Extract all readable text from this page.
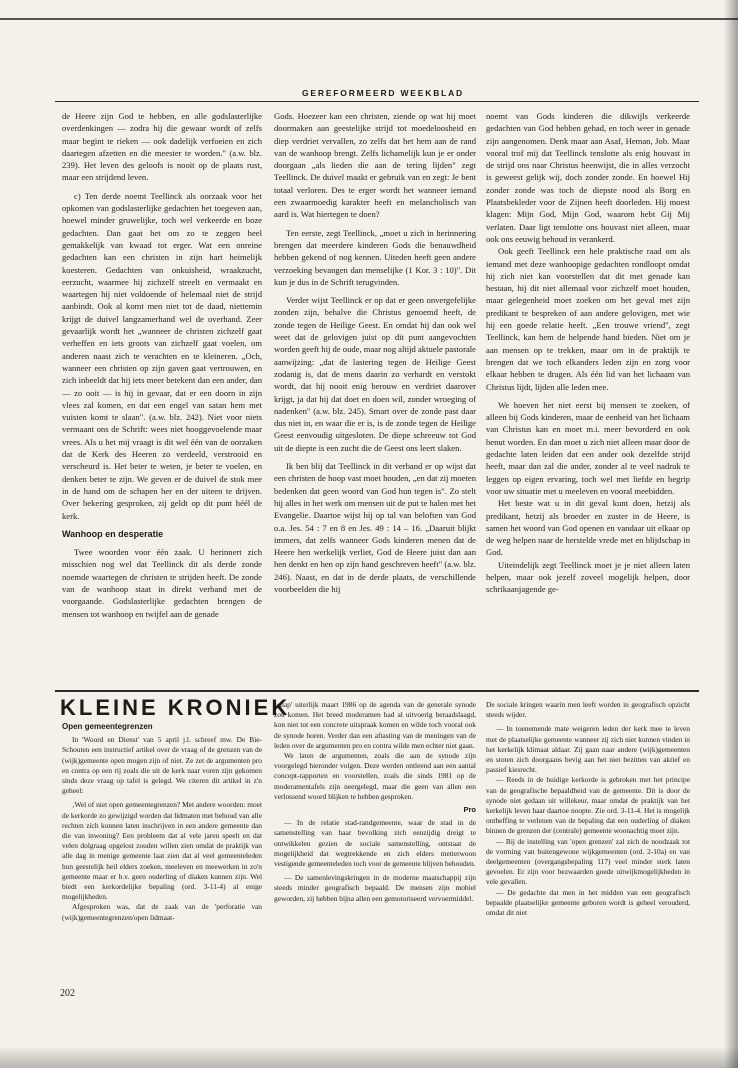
GEREFORMEERD WEEKBLAD

de Heere zijn God te hebben, en alle godslasterlijke overdenkingen — zodra hij die gewaar wordt of zelfs maar begint te rieken — ook dadelijk verfoeien en zich daartegen afzetten en die meester te worden." (a.w. blz. 239). Het leven des geloofs is nooit op de plaats rust, maar een strijdend leven.

c) Ten derde noemt Teellinck als oorzaak voor het opkomen van godslasterlijke gedachten het toegeven aan, hoewel minder gruwelijke, toch wel verkeerde en boze gedachten. Dan gaat het om zo te zeggen heel gemakkelijk van kwaad tot erger. Wat een onreine gedachten kan een christen in zijn hart heimelijk koesteren. Gedachten van onkuisheid, wraakzucht, eerzucht, waarmee hij zichzelf streelt en vermaakt en waartegen hij niet voldoende of helemaal niet de strijd aanbindt. Ook al komt men niet tot de daad, niettemin krijgt de duivel langzamerhand wel de overhand. Zeer gevaarlijk wordt het „wanneer de christen zichzelf gaat verheffen en iets groots van zichzelf gaat voelen, om anderen naast zich te verachten en te kleineren. „Och, wanneer een christen op zijn gaven gaat vertrouwen, en zich inbeeldt dat hij iets meer betekent dan een ander, dan — zo ooit — is hij in gevaar, dat er een doorn in zijn vlees zal komen, en dat een engel van satan hem met vuisten komt te slaan". (a.w. blz. 242). Niet voor niets vermaant ons de Schrift: wees niet hooggevoelende maar vrees. Als u het mij vraagt is dit wel één van de oorzaken dat de Kerk des Heeren zo verdeeld, verstrooid en verscheurd is. Het beter te weten, je beter te voelen, en denken beter te zijn. We geven er de duivel de stok mee in de hand om de schapen her en der uiteen te drijven. Over bekering gesproken, zij geldt op dit punt héél de kerk.

Wanhoop en desperatie

Twee woorden voor één zaak. U herinnert zich misschien nog wel dat Teellinck dit als derde zonde noemde waartegen de christen te strijden heeft. De zonde van de wanhoop staat in direkt verband met de voorgaande. Godslasterlijke gedachten brengen de mensen tot wanhoop en twijfel aan de genade

Gods. Hoezeer kan een christen, ziende op wat hij moet doormaken aan geestelijke strijd tot moedeloosheid en diep verdriet vervallen, zo zelfs dat het hem aan de rand van de wanhoop brengt. Zelfs lichamelijk kun je er onder doorgaan „als lieden die aan de tering lijden" zegt Teellinck. De duivel maakt er gebruik van en zegt: Je bent totaal verloren. Des te erger wordt het wanneer iemand een zwaarmoedig karakter heeft en melancholisch van aard is. Wat hiertegen te doen?

Ten eerste, zegt Teellinck, „moet u zich in herinnering brengen dat meerdere kinderen Gods die benauwdheid hebben gekend of nog kennen. Uiteden heeft geen andere verzoeking bevangen dan menselijke (1 Kor. 3 : 10)". Dit kun je dus in de Schrift terugvinden.

Verder wijst Teellinck er op dat er geen onvergefelijke zonden zijn, behalve die Christus genoemd heeft, de zonde tegen de Heilige Geest. En omdat hij dan ook wel weet dat de gelovigen juist op dit punt aangevochten worden geeft hij de oude, maar nog altijd aktuele pastorale aanwijzing: „dat de lastering tegen de Heilige Geest zodanig is, dat de mens daarin zo verhardt en verstokt wordt, dat hij nooit enig berouw en verdriet daarover krijgt, ja dat hij dat doet en doen wil, zonder wroeging of nadenken" (a.w. blz. 245). Smart over de zonde past daar dus niet in, en waar die er is, is de zonde tegen de Heilige Geest eenvoudig uitgesloten. De diepe schreeuw tot God uit de diepte is een zucht die de Geest ons leert slaken.

Ik ben blij dat Teellinck in dit verband er op wijst dat een christen de hoop vast moet houden, „en dat zij moeten bedenken dat geen woord van God hun tegen is". Zo stelt hij alles in het werk om mensen uit de put te halen met het Evangelie. Daartoe wijst hij op tal van beloften van God o.a. Jes. 54 : 7 en 8 en Jes. 49 : 14 – 16. „Daaruit blijkt immers, dat zelfs wanneer Gods kinderen menen dat de Heere hen werkelijk verliet, God de Heere juist dan aan hen denkt en hen op zijn hand geschreven heeft" (a.w. blz. 246). Naast, en dat in de derde plaats, de verschillende voorbeelden die hij

noemt van Gods kinderen die dikwijls verkeerde gedachten van God hebben gehad, en toch weer in genade zijn aangenomen. Denk maar aan Asaf, Heman, Job. Maar vooral trof mij dat Teellinck tenslotte als enig houvast in de strijd ons naar Christus heenwijst, die in alles verzocht is geweest gelijk wij, doch zonder zonde. En hoewel Hij zonder zonde was toch de diepste nood als Borg en Plaatsbekleder voor de Zijnen heeft doorleden. Hij moest klagen: Mijn God, Mijn God, waarom hebt Gij Mij verlaten. Daar ligt tenslotte ons houvast niet alleen, maar ook ons eeuwig behoud in verankerd.

Ook geeft Teellinck een hele praktische raad om als iemand met deze wanhoopige gedachten rondloopt omdat hij zich niet kan voorstellen dat dit met genade kan bestaan, hij dit niet allemaal voor zichzelf moet houden, maar gelegenheid moet zoeken om het geval met zijn predikant te bespreken of aan andere gelovigen, met wie hij een goede relatie heeft. „Een trouwe vriend", zegt Teellinck, kan hem de helpende hand bieden. Niet om je aan mensen op te trekken, maar om in de praktijk te brengen dat we toch elkanders leden zijn en zorg voor elkaar hebben te dragen. Als één lid van het lichaam van Christus lijdt, lijden alle leden mee.

We hoeven het niet eerst bij mensen te zoeken, of alleen bij Gods kinderen, maar de eenheid van het lichaam van Christus kan en moet m.i. meer bevorderd en ook benut worden. En dan moet u zich niet alleen maar door de gedachte laten leiden dat een ander ook dezelfde strijd heeft, maar dan zal die ander, zonder al te veel nadruk te leggen op eigen ervaring, toch wel met liefde en begrip voor uw situatie met u meeleven en vooral meebidden.

Het beste wat u in dit geval kunt doen, hetzij als predikant, hetzij als broeder en zuster in de Heere, is samen het woord van God openen en vandaar uit elkaar op de weg helpen naar de herstelde vrede met en blijdschap in God.

Uiteindelijk zegt Teellinck moet je je niet alleen laten helpen, maar ook jezelf zoveel mogelijk helpen, door schrikaanjagende ge-

KLEINE KRONIEK
Open gemeentegrenzen

In 'Woord en Dienst' van 5 april j.l. schreef mw. De Bie-Schouten een instructief artikel over de vraag of de grenzen van de (wijk)gemeente open mogen zijn of niet. Ze zet de argumenten pro en contra op een rij zoals die uit de kerk naar voren zijn gekomen sinds deze vraag op tafel is gelegd. We citeren dit artikel in z'n geheel:

‚Wel of niet open gemeentegrenzen? Met andere woorden: moet de kerkorde zo gewijzigd worden dat lidmaten met behoud van alle rechten zich kunnen laten inschrijven in een andere gemeente dan die van inwoning? Een probleem dat al vele jaren speelt en dat velen dolgraag opgelost zouden willen zien omdat de praktijk van alle dag in menige gemeente laat zien dat al veel gemeenteleden hun geestelijk heil elders zoeken, meeleven en meewerken in zo'n gemeente maar er b.v. geen ouderling of diaken kunnen zijn. Wel biedt een kerkordelijke bepaling (ord. 3-11-4) al enige mogelijkheden.

Afgesproken was, dat de zaak van de 'perforatie van (wijk)gemeentegrenzen/open lidmaat-

schap' uiterlijk maart 1986 op de agenda van de generale synode zou komen. Het breed moderamen had al uitvoerig beraadslaagd, kon niet tot een concrete uitspraak komen en wilde toch vooral ook de synode horen. Verder dan een aftasting van de meningen van de leden over de argumenten pro en contra wilde men echter niet gaan.

We laten de argumenten, zoals die aan de synode zijn voorgelegd hieronder volgen. Deze werden ontleend aan een aantal concept-rapporten en voorstellen, zoals die sinds 1981 op de moderamentafels zijn neergelegd, maar die geen van allen een verlossend woord blijken te hebben gesproken.

Pro

— In de relatie stad-randgemeente, waar de stad in de samenstelling van haar bevolking zich eenzijdig dreigt te ontwikkelen gezien de sociale samenstelling, ontstaat de mogelijkheid dat wegtrekkende en zich elders metterwoon vestigende gemeenteleden toch voor de gemeente blijven behouden.

— De samenlevingskringen in de moderne maatschappij zijn steeds minder geografisch bepaald. De mensen zijn mobiel geworden, zij hebben bijna allen een gemotoriseerd vervoermiddel.

De sociale kringen waarin men leeft worden in geografisch opzicht steeds wijder.

— In toenemende mate weigeren leden der kerk mee te leven met de plaatselijke gemeente wanneer zij zich niet kunnen vinden in het kerkelijk klimaat aldaar. Zij gaan naar andere (wijk)gemeenten en stoten zich doorgaans bevig aan het niet bezitten van aktief en passief kiesrecht.

— Reeds in de huidige kerkorde is gebroken met het principe van de geografische bepaaldheid van de gemeente. Dit is door de synode niet gedaan uit willekeur, maar omdat de praktijk van het kerkelijk leven haar daartoe noopte. Zie ord. 3-11-4. Het is mogelijk ontheffing te verlenen van de bepaling dat een ouderling of diaken binnen de grenzen der (centrale) gemeente woonachtig moet zijn.

— Bij de instelling van 'open grenzen' zal zich de noodzaak tot de vorming van buitengewone wijkgemeenten (ord. 2-10a) en van deelgemeenten (overgangsbepaling 117) veel minder sterk laten gevoelen. Er zijn voor bezwaarden goede uitwijkmogelijkheden in vele gevallen.

— De gedachte dat men in het midden van een geografisch bepaalde plaatselijke gemeente geboren wordt is geheel verouderd, omdat dit niet

202
